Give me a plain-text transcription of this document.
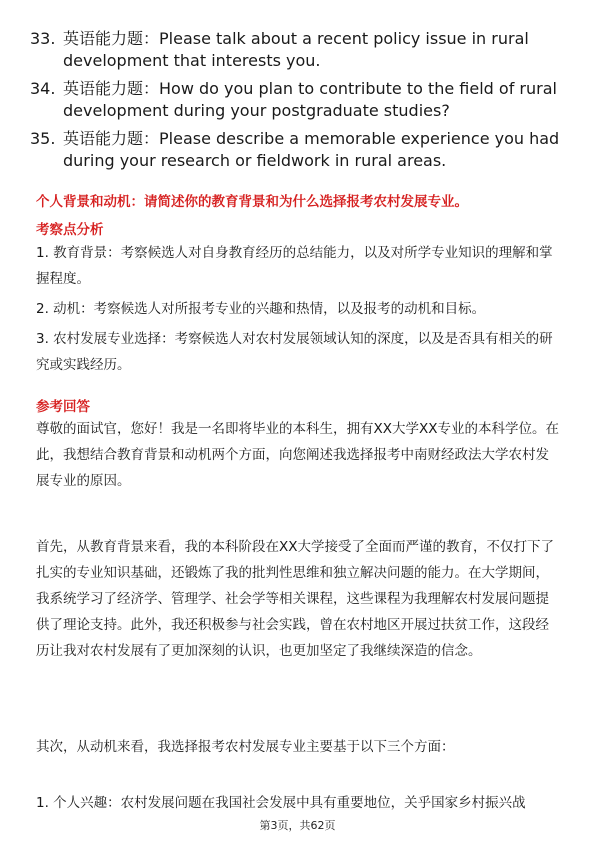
33. 英语能力题：Please talk about a recent policy issue in rural development that interests you.
34. 英语能力题：How do you plan to contribute to the field of rural development during your postgraduate studies?
35. 英语能力题：Please describe a memorable experience you had during your research or fieldwork in rural areas.
个人背景和动机：请简述你的教育背景和为什么选择报考农村发展专业。
考察点分析
1. 教育背景：考察候选人对自身教育经历的总结能力，以及对所学专业知识的理解和掌握程度。
2. 动机：考察候选人对所报考专业的兴趣和热情，以及报考的动机和目标。
3. 农村发展专业选择：考察候选人对农村发展领域认知的深度，以及是否具有相关的研究或实践经历。
参考回答
尊敬的面试官，您好！我是一名即将毕业的本科生，拥有XX大学XX专业的本科学位。在此，我想结合教育背景和动机两个方面，向您阐述我选择报考中南财经政法大学农村发展专业的原因。
首先，从教育背景来看，我的本科阶段在XX大学接受了全面而严谨的教育，不仅打下了扎实的专业知识基础，还锻炼了我的批判性思维和独立解决问题的能力。在大学期间，我系统学习了经济学、管理学、社会学等相关课程，这些课程为我理解农村发展问题提供了理论支持。此外，我还积极参与社会实践，曾在农村地区开展过扶贫工作，这段经历让我对农村发展有了更加深刻的认识，也更加坚定了我继续深造的信念。
其次，从动机来看，我选择报考农村发展专业主要基于以下三个方面：
1. 个人兴趣：农村发展问题在我国社会发展中具有重要地位，关乎国家乡村振兴战
第3页，共62页
